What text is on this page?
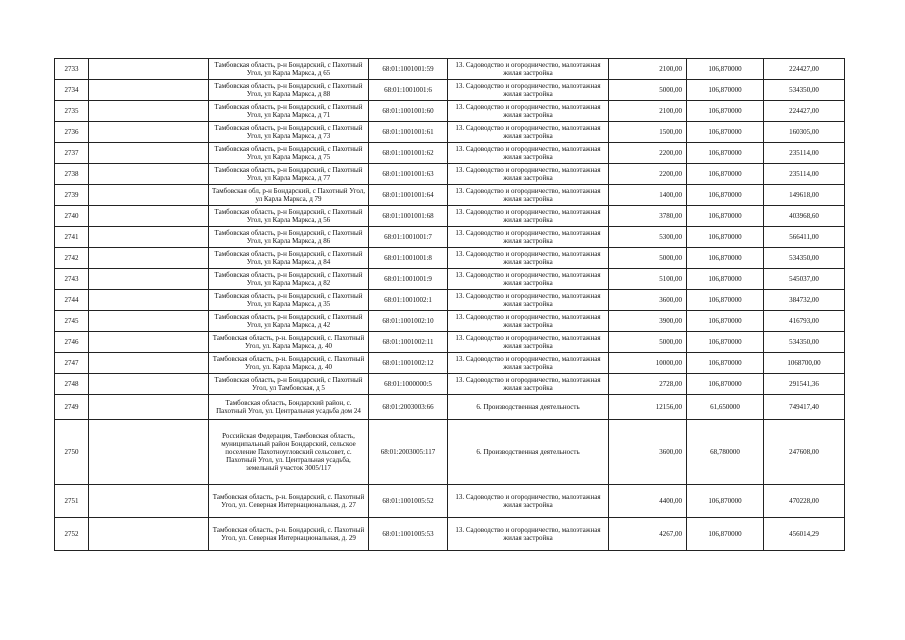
2733		Тамбовская область, р-н Бондарский, с Пахотный Угол, ул Карла Маркса, д 65	68:01:1001001:59	13. Садоводство и огородничество, малоэтажная жилая застройка	2100,00	106,870000	224427,00
2734		Тамбовская область, р-н Бондарский, с Пахотный Угол, ул Карла Маркса, д 88	68:01:1001001:6	13. Садоводство и огородничество, малоэтажная жилая застройка	5000,00	106,870000	534350,00
2735		Тамбовская область, р-н Бондарский, с Пахотный Угол, ул Карла Маркса, д 71	68:01:1001001:60	13. Садоводство и огородничество, малоэтажная жилая застройка	2100,00	106,870000	224427,00
2736		Тамбовская область, р-н Бондарский, с Пахотный Угол, ул Карла Маркса, д 73	68:01:1001001:61	13. Садоводство и огородничество, малоэтажная жилая застройка	1500,00	106,870000	160305,00
2737		Тамбовская область, р-н Бондарский, с Пахотный Угол, ул Карла Маркса, д 75	68:01:1001001:62	13. Садоводство и огородничество, малоэтажная жилая застройка	2200,00	106,870000	235114,00
2738		Тамбовская область, р-н Бондарский, с Пахотный Угол, ул Карла Маркса, д 77	68:01:1001001:63	13. Садоводство и огородничество, малоэтажная жилая застройка	2200,00	106,870000	235114,00
2739		Тамбовская обл, р-н Бондарский, с Пахотный Угол, ул Карла Маркса, д 79	68:01:1001001:64	13. Садоводство и огородничество, малоэтажная жилая застройка	1400,00	106,870000	149618,00
2740		Тамбовская область, р-н Бондарский, с Пахотный Угол, ул Карла Маркса, д 56	68:01:1001001:68	13. Садоводство и огородничество, малоэтажная жилая застройка	3780,00	106,870000	403968,60
2741		Тамбовская область, р-н Бондарский, с Пахотный Угол, ул Карла Маркса, д 86	68:01:1001001:7	13. Садоводство и огородничество, малоэтажная жилая застройка	5300,00	106,870000	566411,00
2742		Тамбовская область, р-н Бондарский, с Пахотный Угол, ул Карла Маркса, д 84	68:01:1001001:8	13. Садоводство и огородничество, малоэтажная жилая застройка	5000,00	106,870000	534350,00
2743		Тамбовская область, р-н Бондарский, с Пахотный Угол, ул Карла Маркса, д 82	68:01:1001001:9	13. Садоводство и огородничество, малоэтажная жилая застройка	5100,00	106,870000	545037,00
2744		Тамбовская область, р-н Бондарский, с Пахотный Угол, ул Карла Маркса, д 35	68:01:1001002:1	13. Садоводство и огородничество, малоэтажная жилая застройка	3600,00	106,870000	384732,00
2745		Тамбовская область, р-н Бондарский, с Пахотный Угол, ул Карла Маркса, д 42	68:01:1001002:10	13. Садоводство и огородничество, малоэтажная жилая застройка	3900,00	106,870000	416793,00
2746		Тамбовская область, р-н. Бондарский, с. Пахотный Угол, ул. Карла Маркса, д. 40	68:01:1001002:11	13. Садоводство и огородничество, малоэтажная жилая застройка	5000,00	106,870000	534350,00
2747		Тамбовская область, р-н. Бондарский, с. Пахотный Угол, ул. Карла Маркса, д. 40	68:01:1001002:12	13. Садоводство и огородничество, малоэтажная жилая застройка	10000,00	106,870000	1068700,00
2748		Тамбовская область, р-н Бондарский, с Пахотный Угол, ул Тамбовская, д 5	68:01:1000000:5	13. Садоводство и огородничество, малоэтажная жилая застройка	2728,00	106,870000	291541,36
2749		Тамбовская область, Бондарский район, с. Пахотный Угол, ул. Центральная усадьба дом 24	68:01:2003003:66	6. Производственная деятельность	12156,00	61,650000	749417,40
2750		Российская Федерация, Тамбовская область, муниципальный район Бондарский, сельское поселение Пахотноугловский сельсовет, с. Пахотный Угол, ул. Центральная усадьба, земельный участок 3005/117	68:01:2003005:117	6. Производственная деятельность	3600,00	68,780000	247608,00
2751		Тамбовская область, р-н. Бондарский, с. Пахотный Угол, ул. Северная Интернациональная, д. 27	68:01:1001005:52	13. Садоводство и огородничество, малоэтажная жилая застройка	4400,00	106,870000	470228,00
2752		Тамбовская область, р-н. Бондарский, с. Пахотный Угол, ул. Северная Интернациональная, д. 29	68:01:1001005:53	13. Садоводство и огородничество, малоэтажная жилая застройка	4267,00	106,870000	456014,29
